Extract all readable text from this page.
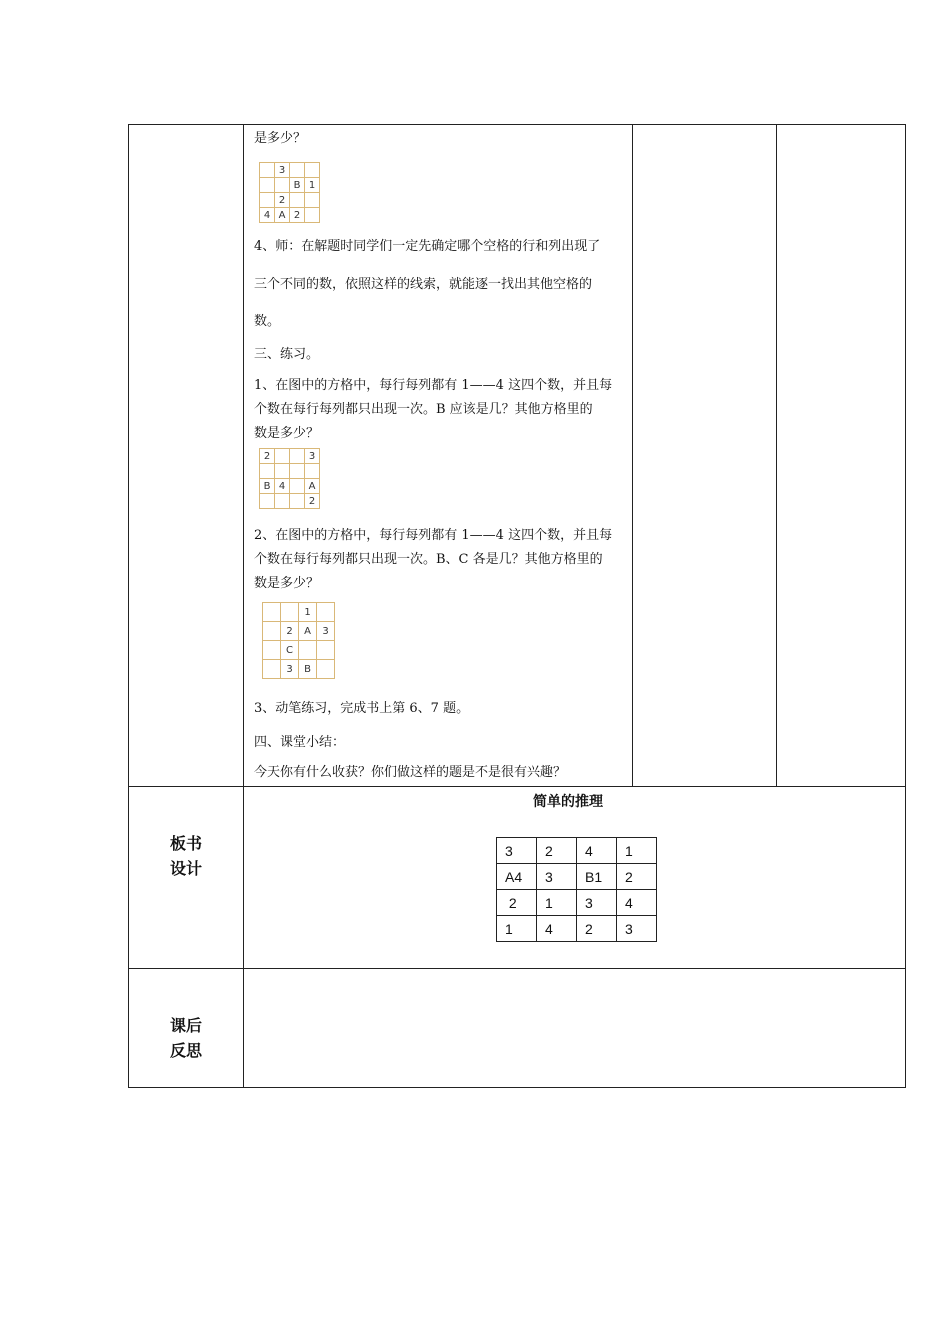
是多少？
	3		
		B	1
	2		
4	A	2	
4、师：在解题时同学们一定先确定哪个空格的行和列出现了
三个不同的数，依照这样的线索，就能逐一找出其他空格的
数。
三、练习。
1、在图中的方格中，每行每列都有 1——4 这四个数，并且每
个数在每行每列都只出现一次。B 应该是几？其他方格里的
数是多少？
2			3

B	4		A
			2
2、在图中的方格中，每行每列都有 1——4 这四个数，并且每
个数在每行每列都只出现一次。B、C 各是几？其他方格里的
数是多少？
		1	
	2	A	3
	C		
	3	B	
3、动笔练习，完成书上第 6、7 题。
四、课堂小结：
今天你有什么收获？你们做这样的题是不是很有兴趣？
板书
设计
简单的推理
3	2	4	1
A4	3	B1	2
2	1	3	4
1	4	2	3
课后
反思
